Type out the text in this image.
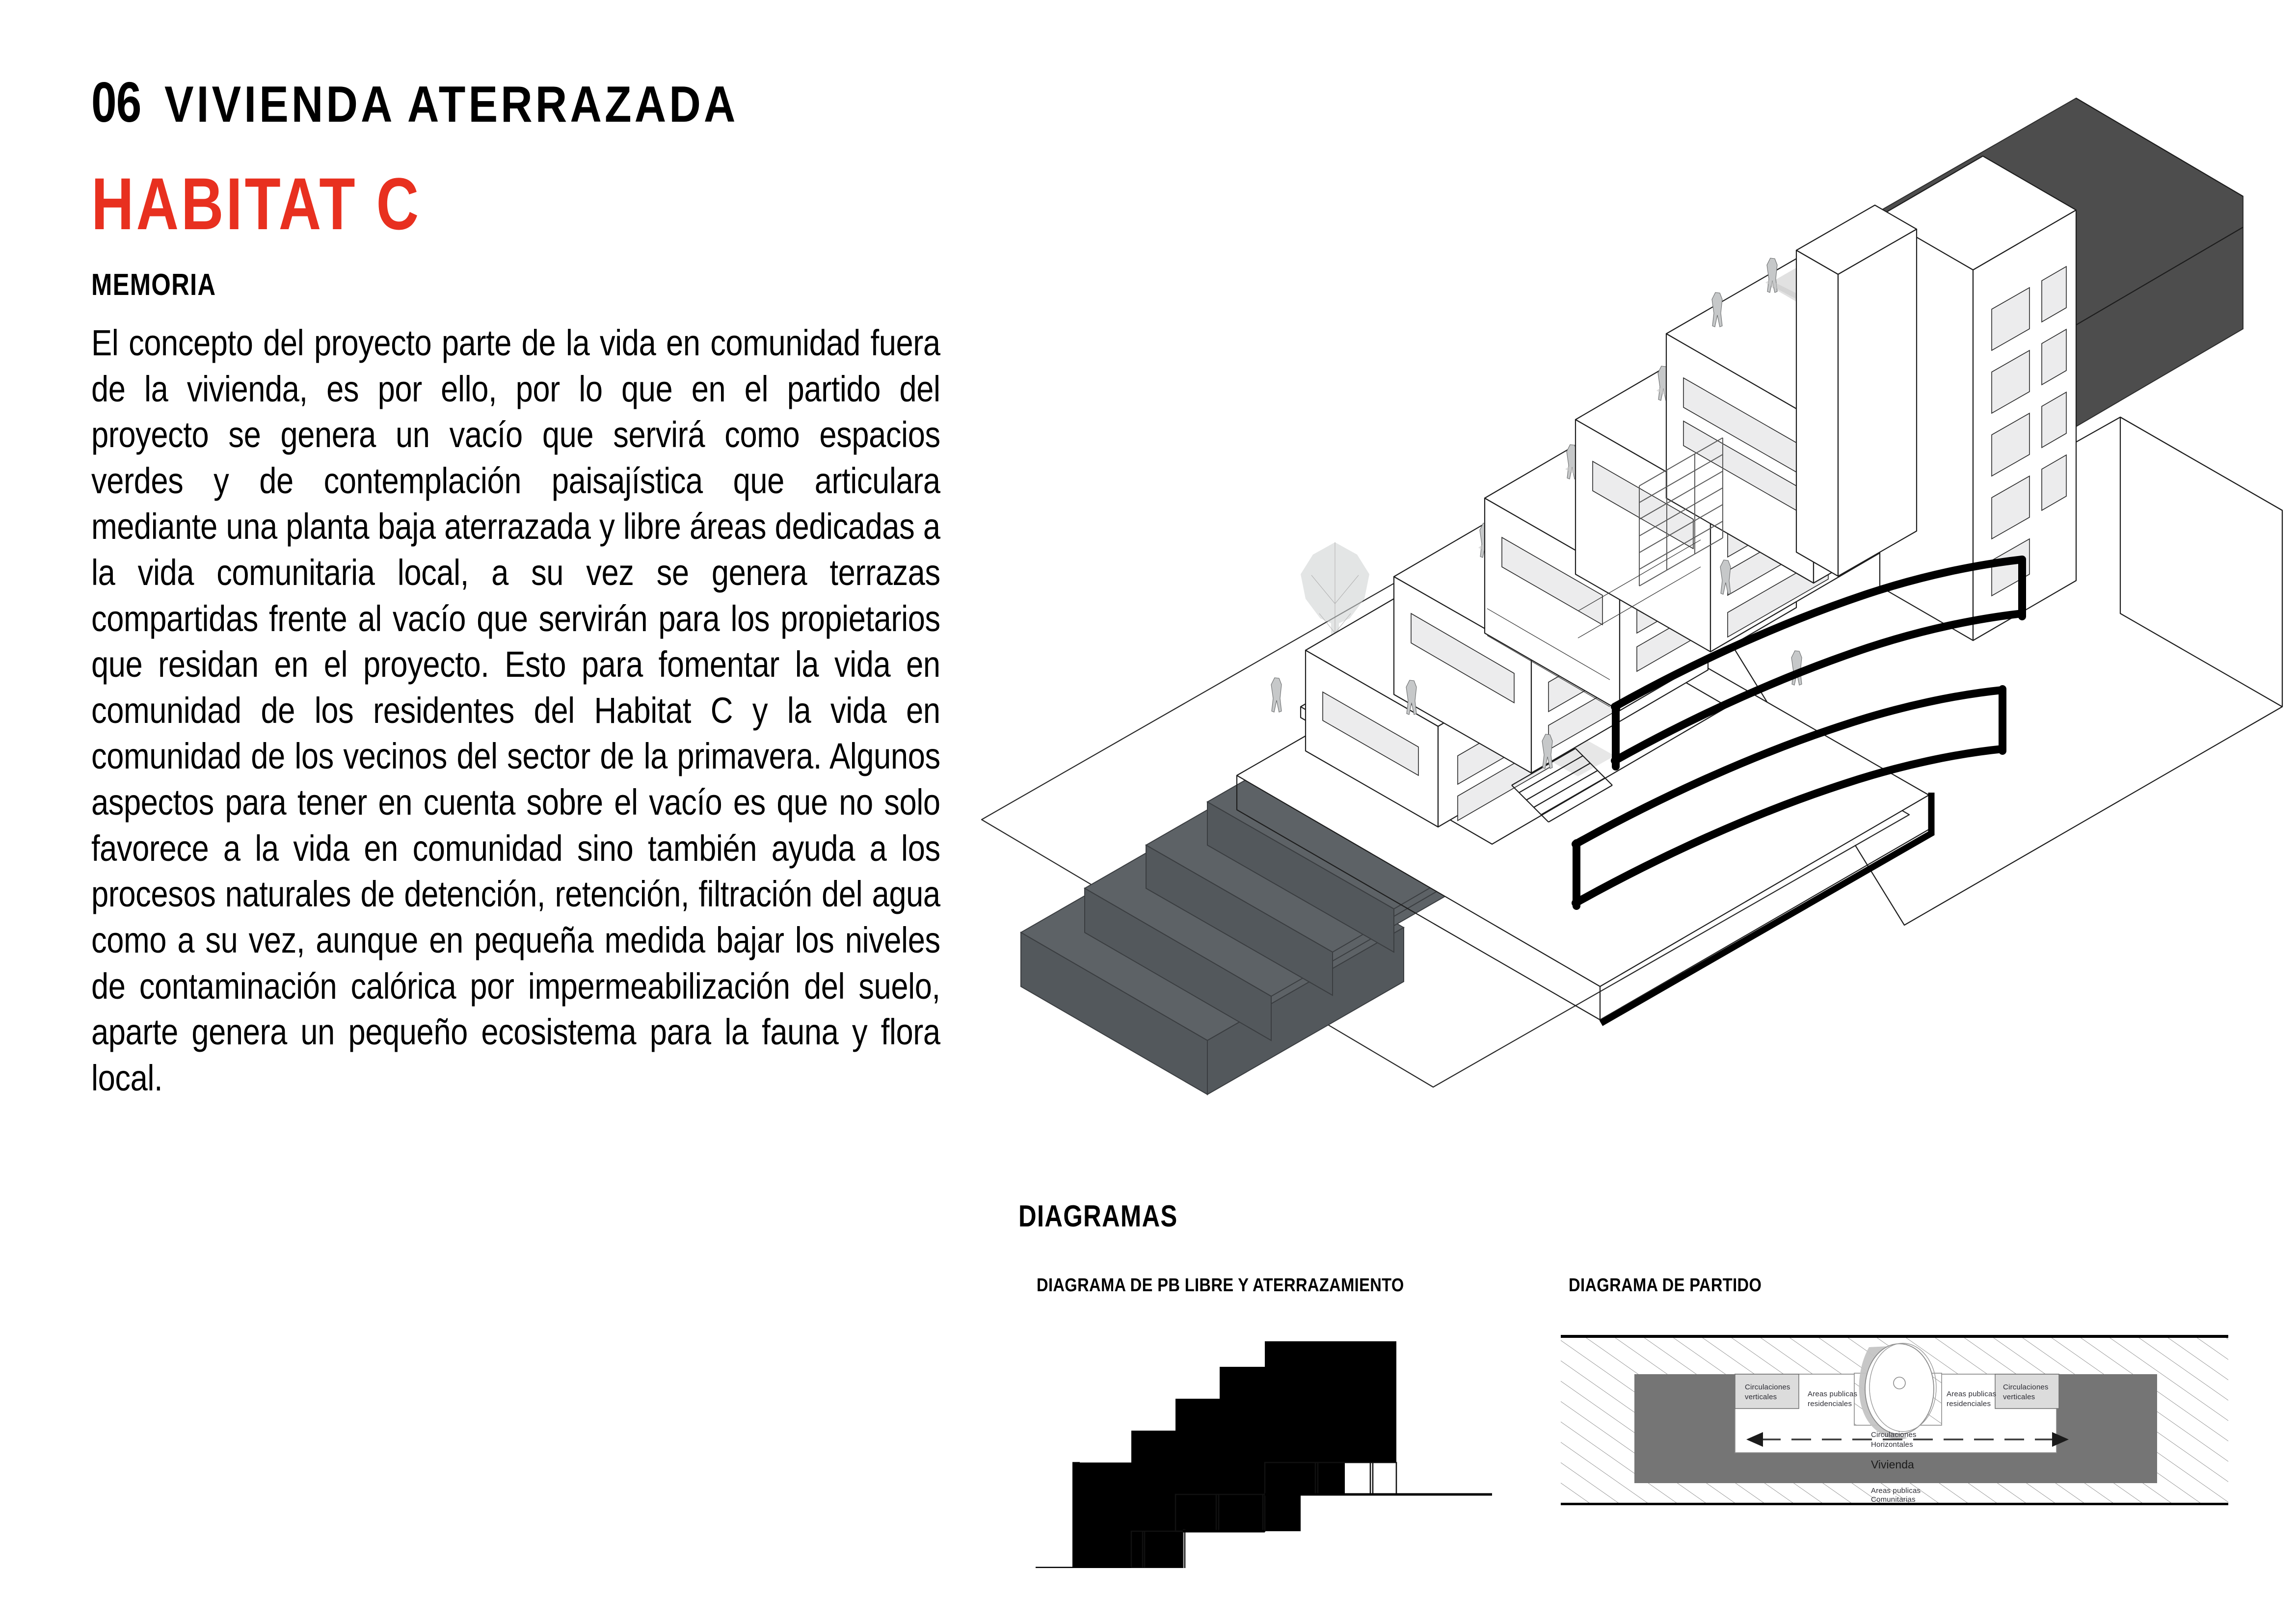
06 VIVIENDA ATERRAZADA
HABITAT C
MEMORIA
El concepto del proyecto parte de la vida en comunidad fuera de la vivienda, es por ello, por lo que en el partido del proyecto se genera un vacío que servirá como espacios verdes y de contemplación paisajística que articulara mediante una planta baja aterrazada y libre áreas dedicadas a la vida comunitaria local, a su vez se genera terrazas compartidas frente al vacío que servirán para los propietarios que residan en el proyecto. Esto para fomentar la vida en comunidad de los residentes del Habitat C y la vida en comunidad de los vecinos del sector de la primavera. Algunos aspectos para tener en cuenta sobre el vacío es que no solo favorece a la vida en comunidad sino también ayuda a los procesos naturales de detención, retención, filtración del agua como a su vez, aunque en pequeña medida bajar los niveles de contaminación calórica por impermeabilización del suelo, aparte genera un pequeño ecosistema para la fauna y flora local.
DIAGRAMAS
DIAGRAMA DE PB LIBRE Y ATERRAZAMIENTO	DIAGRAMA DE PARTIDO
Circulaciones
verticales
Circulaciones
verticales
Areas publicas
residenciales
Areas publicas
residenciales
Circulaciones
Horizontales
Vivienda
Areas publicas
Comunitarias
